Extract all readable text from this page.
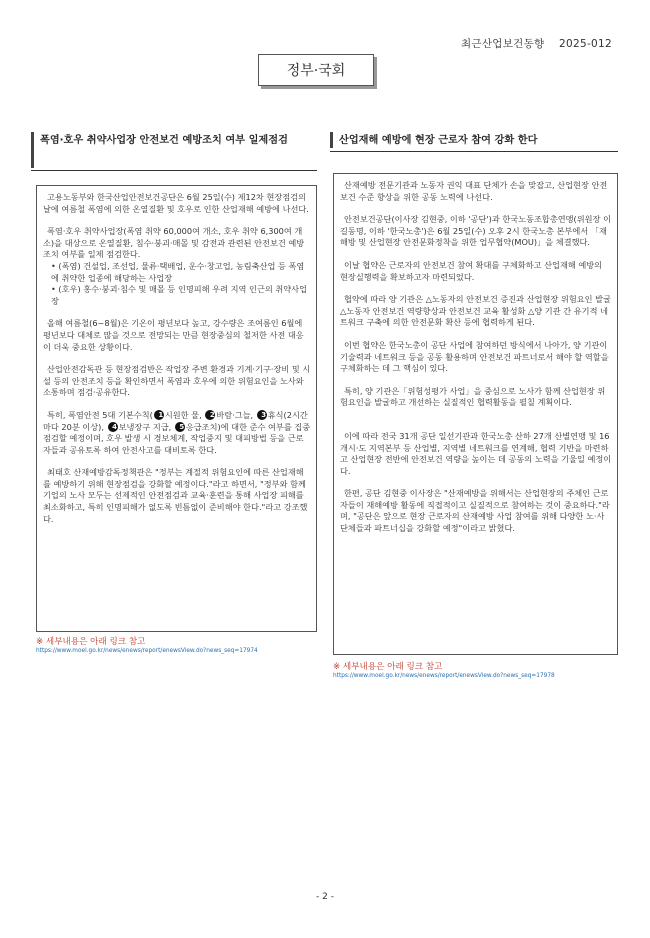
최근산업보건동향 2025-012
정부·국회
폭염·호우 취약사업장 안전보건 예방조치 여부 일제점검	산업재해 예방에 현장 근로자 참여 강화 한다

고용노동부와 한국산업안전보건공단은 6월 25일(수) 제12차 현장점검의 날에 여름철 폭염에 의한 온열질환 및 호우로 인한 산업재해 예방에 나선다.

폭염·호우 취약사업장(폭염 취약 60,000여 개소, 호우 취약 6,300여 개소)을 대상으로 온열질환, 침수·붕괴·매몰 및 감전과 관련된 안전보건 예방조치 여부를 일제 점검한다.

• (폭염) 건설업, 조선업, 물류·택배업, 운수·창고업, 농림축산업 등 폭염에 취약한 업종에 해당하는 사업장

• (호우) 홍수·붕괴·침수 및 매몰 등 인명피해 우려 지역 인근의 취약사업장

올해 여름철(6~8월)은 기온이 평년보다 높고, 강수량은 조여름인 6월에 평년보다 대체로 많을 것으로 전망되는 만큼 현장중심의 철저한 사전 대응이 더욱 중요한 상황이다.

산업안전감독관 등 현장점검반은 작업장 주변 환경과 기계·기구·장비 및 시설 등의 안전조치 등을 확인하면서 폭염과 호우에 의한 위험요인을 노사와 소통하며 점검·공유한다.

특히, 폭염안전 5대 기본수칙( 1 시원한 물, 2 바람·그늘, 3 휴식(2시간마다 20분 이상), 4 보냉장구 지급, 5 응급조치)에 대한 준수 여부를 집중점검할 예정이며, 호우 발생 시 경보체계, 작업중지 및 대피방법 등을 근로자들과 공유토록 하여 안전사고를 대비토록 한다.

최태호 산재예방감독정책관은 "정부는 계절적 위험요인에 따른 산업재해를 예방하기 위해 현장점검을 강화할 예정이다."라고 하면서, "정부와 함께 기업의 노사 모두는 선제적인 안전점검과 교육·훈련을 통해 사업장 피해를 최소화하고, 특히 인명피해가 없도록 빈틈없이 준비해야 한다."라고 강조했다.

※ 세부내용은 아래 링크 참고
https://www.moel.go.kr/news/enews/report/enewsView.do?news_seq=17974

산재예방 전문기관과 노동자 권익 대표 단체가 손을 맞잡고, 산업현장 안전보건 수준 향상을 위한 공동 노력에 나선다.

안전보건공단(이사장 김현중, 이하 '공단')과 한국노동조합총연맹(위원장 이길동명, 이하 '한국노총')은 6월 25일(수) 오후 2시 한국노총 본부에서 「재해방 및 산업현장 안전문화정착을 위한 업무협약(MOU)」을 체결했다.

이날 협약은 근로자의 안전보건 참여 확대를 구체화하고 산업재해 예방의 현장실행력을 확보하고자 마련되었다.

협약에 따라 양 기관은 △노동자의 안전보건 증진과 산업현장 위험요인 발굴 △노동자 안전보건 역량향상과 안전보건 교육 활성화 △양 기관 간 유기적 네트워크 구축에 의한 안전문화 확산 등에 협력하게 된다.

이번 협약은 한국노총이 공단 사업에 참여하던 방식에서 나아가, 양 기관이 기술력과 네트워크 등을 공동 활용하며 안전보건 파트너로서 해야 할 역할을 구체화하는 데 그 핵심이 있다.

특히, 양 기관은「위험성평가 사업」을 중심으로 노사가 함께 산업현장 위험요인을 발굴하고 개선하는 실질적인 협력활동을 펼칠 계획이다.

이에 따라 전국 31개 공단 일선기관과 한국노총 산하 27개 산별연맹 및 16개시·도 지역본부 등 산업별, 지역별 네트워크를 연계해, 협력 기반을 마련하고 산업현장 전반에 안전보건 역량을 높이는 데 공동의 노력을 기울일 예정이다.

한편, 공단 김현중 이사장은 "산재예방을 위해서는 산업현장의 주체인 근로자들이 재해예방 활동에 직접적이고 실질적으로 참여하는 것이 중요하다."라며, "공단은 앞으로 현장 근로자의 산재예방 사업 참여를 위해 다양한 노·사 단체들과 파트너십을 강화할 예정"이라고 밝혔다.

※ 세부내용은 아래 링크 참고
https://www.moel.go.kr/news/enews/report/enewsView.do?news_seq=17978
- 2 -
